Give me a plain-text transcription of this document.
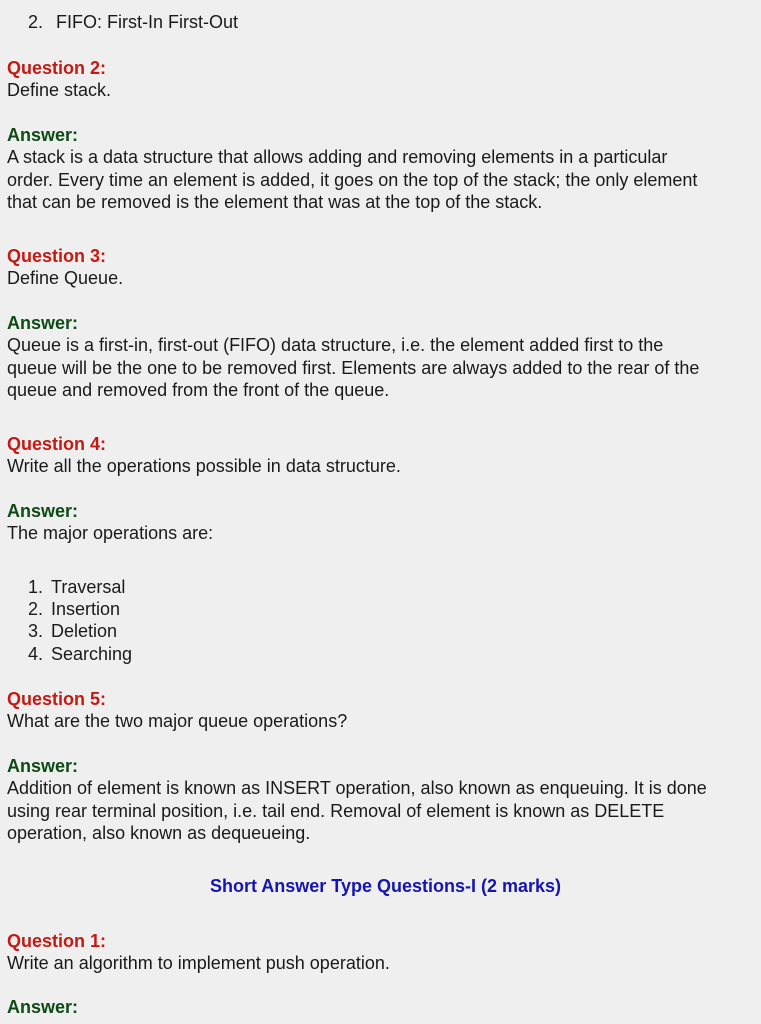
2. FIFO: First-In First-Out
Question 2:
Define stack.
Answer:
A stack is a data structure that allows adding and removing elements in a particular
order. Every time an element is added, it goes on the top of the stack; the only element
that can be removed is the element that was at the top of the stack.
Question 3:
Define Queue.
Answer:
Queue is a first-in, first-out (FIFO) data structure, i.e. the element added first to the
queue will be the one to be removed first. Elements are always added to the rear of the
queue and removed from the front of the queue.
Question 4:
Write all the operations possible in data structure.
Answer:
The major operations are:
1. Traversal
2. Insertion
3. Deletion
4. Searching
Question 5:
What are the two major queue operations?
Answer:
Addition of element is known as INSERT operation, also known as enqueuing. It is done
using rear terminal position, i.e. tail end. Removal of element is known as DELETE
operation, also known as dequeueing.
Short Answer Type Questions-I (2 marks)
Question 1:
Write an algorithm to implement push operation.
Answer:
